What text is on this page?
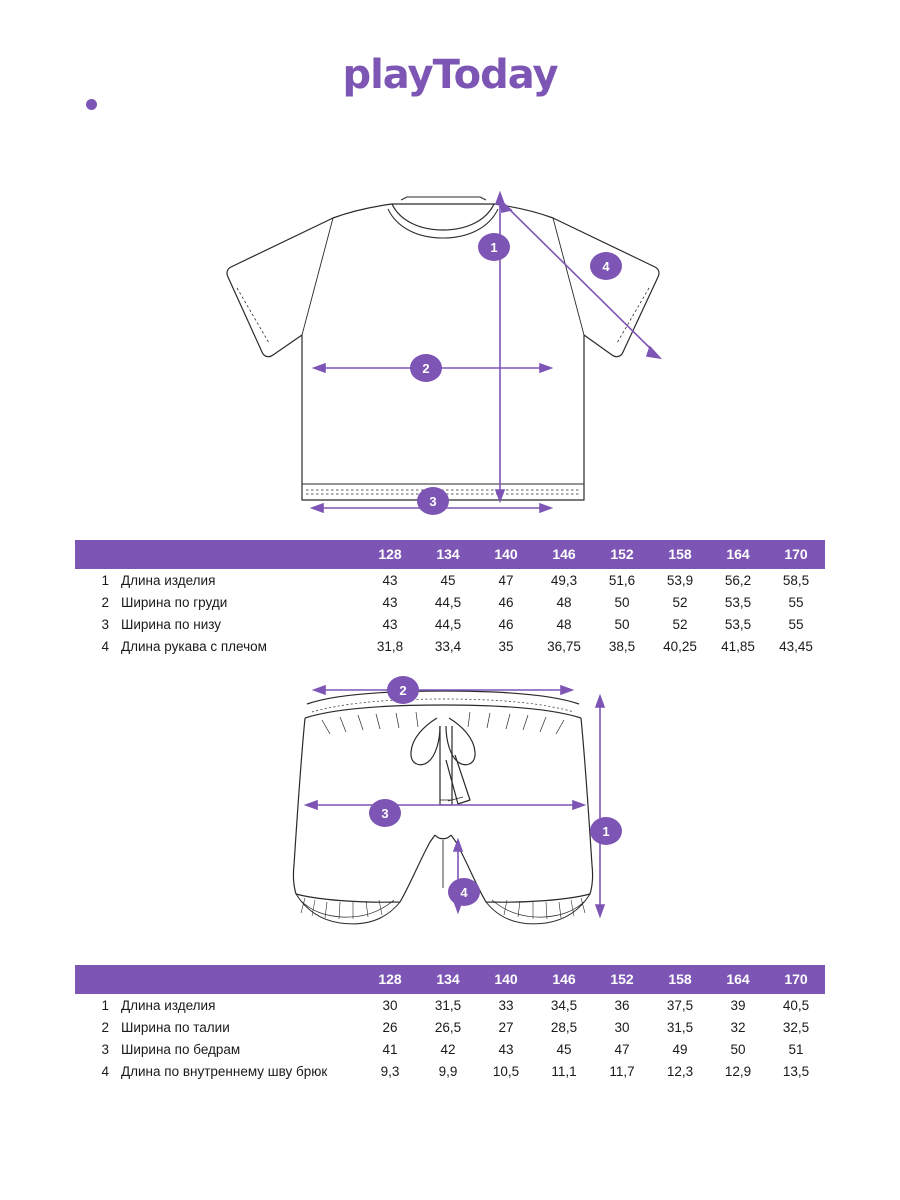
playToday
1
2
3
4
		128	134	140	146	152	158	164	170
1	Длина изделия	43	45	47	49,3	51,6	53,9	56,2	58,5
2	Ширина по груди	43	44,5	46	48	50	52	53,5	55
3	Ширина по низу	43	44,5	46	48	50	52	53,5	55
4	Длина рукава с плечом	31,8	33,4	35	36,75	38,5	40,25	41,85	43,45
2
3
1
4
		128	134	140	146	152	158	164	170
1	Длина изделия	30	31,5	33	34,5	36	37,5	39	40,5
2	Ширина по талии	26	26,5	27	28,5	30	31,5	32	32,5
3	Ширина по бедрам	41	42	43	45	47	49	50	51
4	Длина по внутреннему шву брюк	9,3	9,9	10,5	11,1	11,7	12,3	12,9	13,5
